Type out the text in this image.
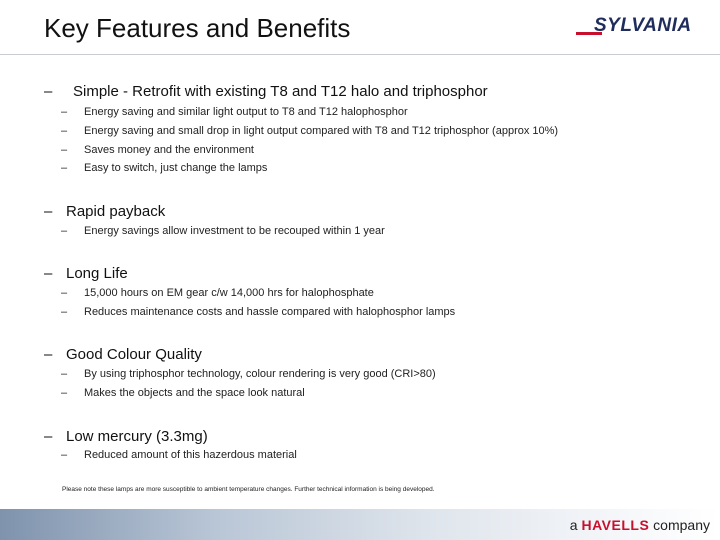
Key Features and Benefits	SYLVANIA
– Simple - Retrofit with existing T8 and T12 halo and triphosphor
– Energy saving and similar light output to T8 and T12 halophosphor
– Energy saving and small drop in light output compared with T8 and T12 triphosphor (approx 10%)
– Saves money and the environment
– Easy to switch, just change the lamps
– Rapid payback
– Energy savings allow investment to be recouped within 1 year
– Long Life
– 15,000 hours on EM gear c/w 14,000 hrs for halophosphate
– Reduces maintenance costs and hassle compared with halophosphor lamps
– Good Colour Quality
– By using triphosphor technology, colour rendering is very good (CRI>80)
– Makes the objects and the space look natural
– Low mercury (3.3mg)
– Reduced amount of this hazerdous material
Please note these lamps are more susceptible to ambient temperature changes. Further technical information is being developed.
a HAVELLS company
